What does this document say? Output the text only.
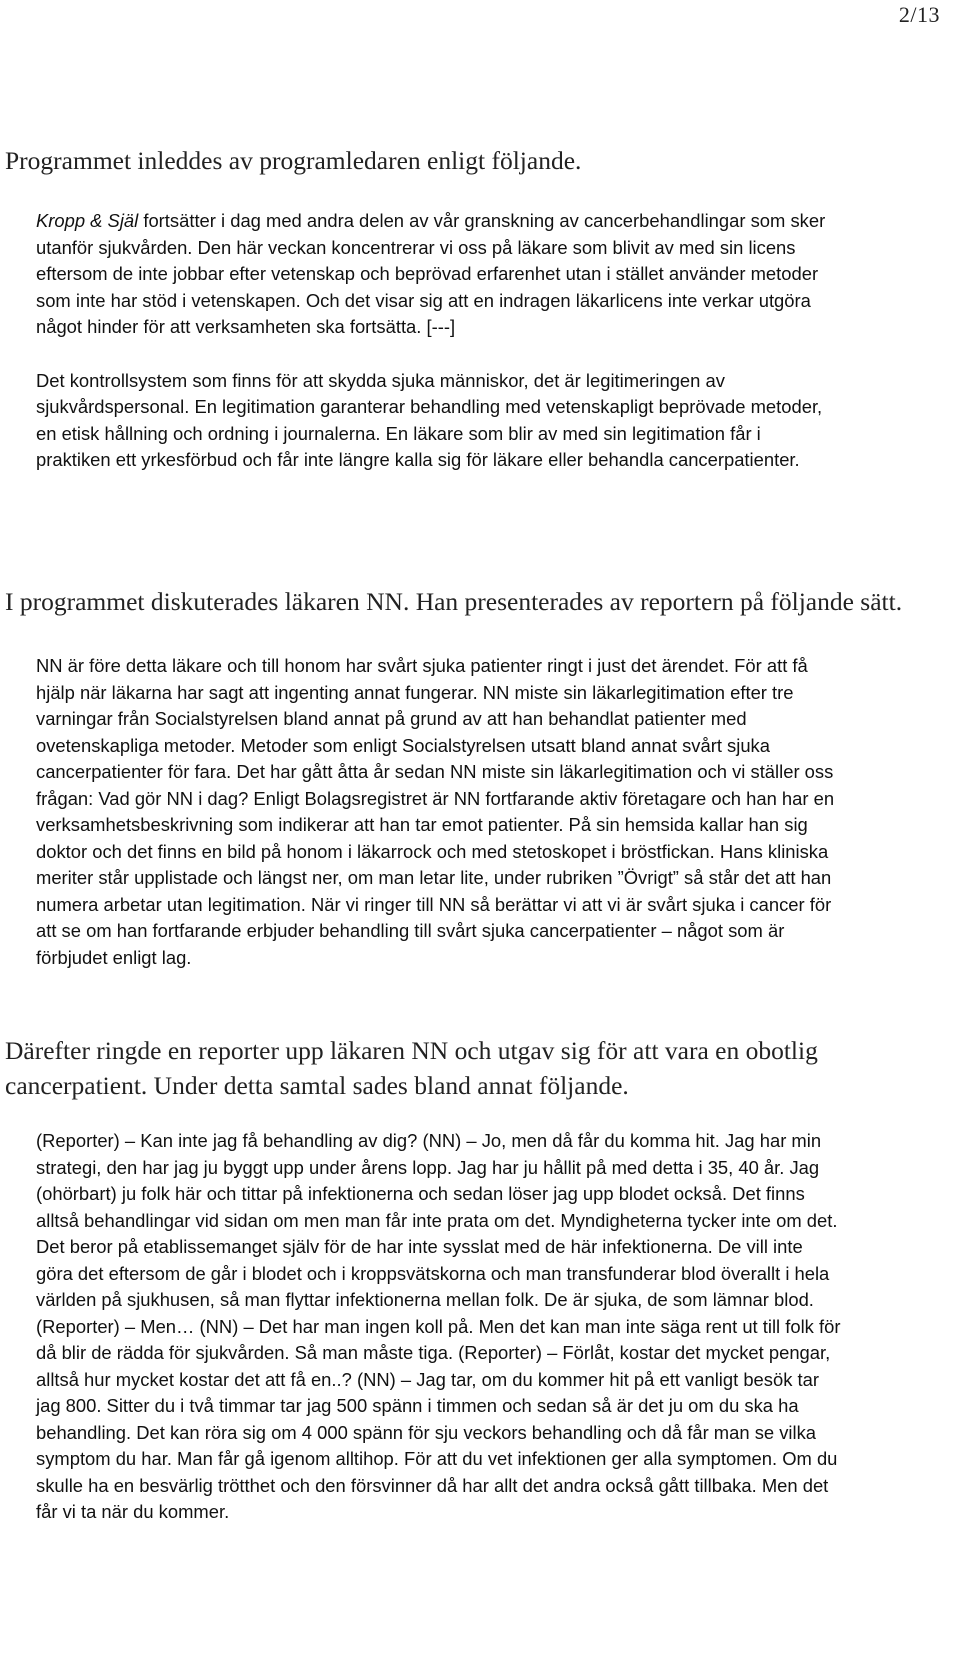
2/13
Programmet inleddes av programledaren enligt följande.

Kropp & Själ fortsätter i dag med andra delen av vår granskning av cancerbehandlingar som sker utanför sjukvården. Den här veckan koncentrerar vi oss på läkare som blivit av med sin licens eftersom de inte jobbar efter vetenskap och beprövad erfarenhet utan i stället använder metoder som inte har stöd i vetenskapen. Och det visar sig att en indragen läkarlicens inte verkar utgöra något hinder för att verksamheten ska fortsätta. [---]

Det kontrollsystem som finns för att skydda sjuka människor, det är legitimeringen av sjukvårdspersonal. En legitimation garanterar behandling med vetenskapligt beprövade metoder, en etisk hållning och ordning i journalerna. En läkare som blir av med sin legitimation får i praktiken ett yrkesförbud och får inte längre kalla sig för läkare eller behandla cancerpatienter.

I programmet diskuterades läkaren NN. Han presenterades av reportern på följande sätt.

NN är före detta läkare och till honom har svårt sjuka patienter ringt i just det ärendet. För att få hjälp när läkarna har sagt att ingenting annat fungerar. NN miste sin läkarlegitimation efter tre varningar från Socialstyrelsen bland annat på grund av att han behandlat patienter med ovetenskapliga metoder. Metoder som enligt Socialstyrelsen utsatt bland annat svårt sjuka cancerpatienter för fara. Det har gått åtta år sedan NN miste sin läkarlegitimation och vi ställer oss frågan: Vad gör NN i dag? Enligt Bolagsregistret är NN fortfarande aktiv företagare och han har en verksamhetsbeskrivning som indikerar att han tar emot patienter. På sin hemsida kallar han sig doktor och det finns en bild på honom i läkarrock och med stetoskopet i bröstfickan. Hans kliniska meriter står upplistade och längst ner, om man letar lite, under rubriken ”Övrigt” så står det att han numera arbetar utan legitimation. När vi ringer till NN så berättar vi att vi är svårt sjuka i cancer för att se om han fortfarande erbjuder behandling till svårt sjuka cancerpatienter – något som är förbjudet enligt lag.

Därefter ringde en reporter upp läkaren NN och utgav sig för att vara en obotlig cancerpatient. Under detta samtal sades bland annat följande.

(Reporter) – Kan inte jag få behandling av dig? (NN) – Jo, men då får du komma hit. Jag har min strategi, den har jag ju byggt upp under årens lopp. Jag har ju hållit på med detta i 35, 40 år. Jag (ohörbart) ju folk här och tittar på infektionerna och sedan löser jag upp blodet också. Det finns alltså behandlingar vid sidan om men man får inte prata om det. Myndigheterna tycker inte om det. Det beror på etablissemanget själv för de har inte sysslat med de här infektionerna. De vill inte göra det eftersom de går i blodet och i kroppsvätskorna och man transfunderar blod överallt i hela världen på sjukhusen, så man flyttar infektionerna mellan folk. De är sjuka, de som lämnar blod. (Reporter) – Men… (NN) – Det har man ingen koll på. Men det kan man inte säga rent ut till folk för då blir de rädda för sjukvården. Så man måste tiga. (Reporter) – Förlåt, kostar det mycket pengar, alltså hur mycket kostar det att få en..? (NN) – Jag tar, om du kommer hit på ett vanligt besök tar jag 800. Sitter du i två timmar tar jag 500 spänn i timmen och sedan så är det ju om du ska ha behandling. Det kan röra sig om 4 000 spänn för sju veckors behandling och då får man se vilka symptom du har. Man får gå igenom alltihop. För att du vet infektionen ger alla symptomen. Om du skulle ha en besvärlig trötthet och den försvinner då har allt det andra också gått tillbaka. Men det får vi ta när du kommer.
